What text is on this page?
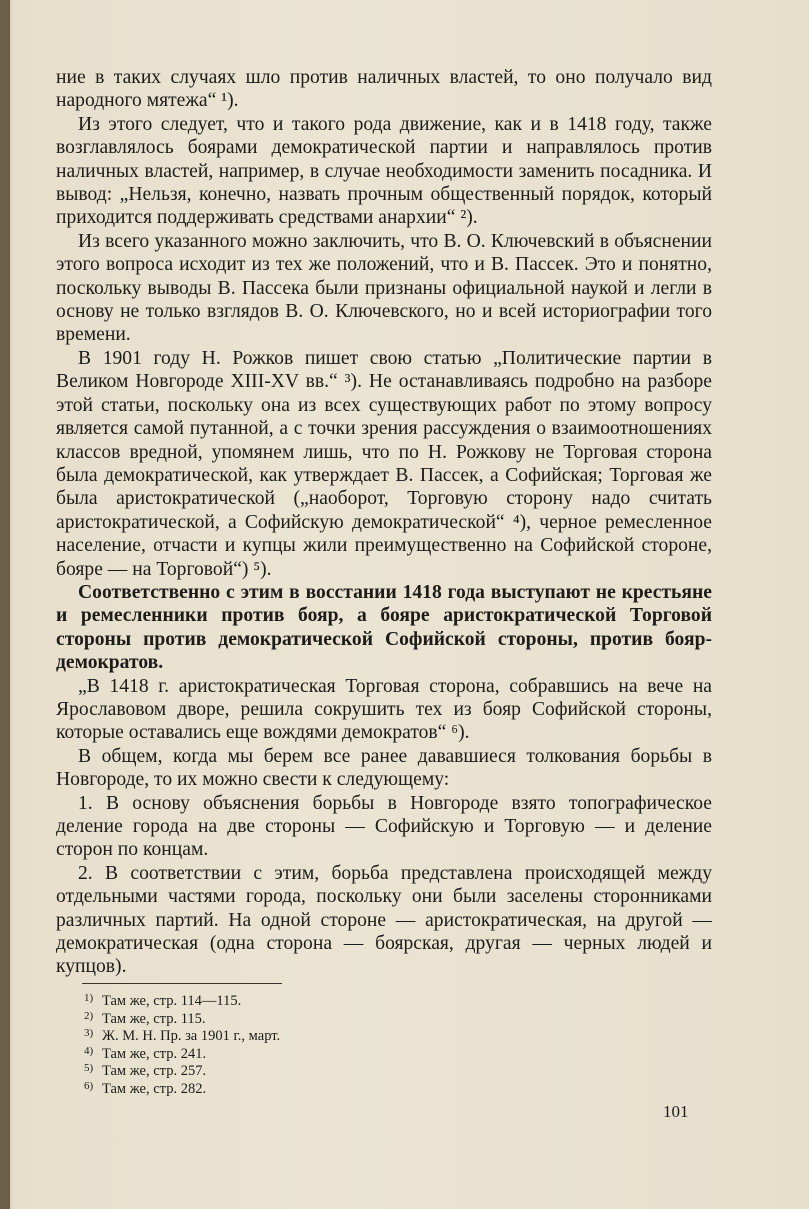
ние в таких случаях шло против наличных властей, то оно получало вид народного мятежа“ ¹).

Из этого следует, что и такого рода движение, как и в 1418 году, также возглавлялось боярами демократической партии и направлялось против наличных властей, например, в случае необходимости заменить посадника. И вывод: „Нельзя, конечно, назвать прочным общественный порядок, который приходится поддерживать средствами анархии“ ²).

Из всего указанного можно заключить, что В. О. Ключевский в объяснении этого вопроса исходит из тех же положений, что и В. Пассек. Это и понятно, поскольку выводы В. Пассека были признаны официальной наукой и легли в основу не только взглядов В. О. Ключевского, но и всей историографии того времени.

В 1901 году Н. Рожков пишет свою статью „Политические партии в Великом Новгороде XIII-XV вв.“ ³). Не останавливаясь подробно на разборе этой статьи, поскольку она из всех существующих работ по этому вопросу является самой путанной, а с точки зрения рассуждения о взаимоотношениях классов вредной, упомянем лишь, что по Н. Рожкову не Торговая сторона была демократической, как утверждает В. Пассек, а Софийская; Торговая же была аристократической („наоборот, Торговую сторону надо считать аристократической, а Софийскую демократической“ ⁴), черное ремесленное население, отчасти и купцы жили преимущественно на Софийской стороне, бояре — на Торговой“) ⁵).

Соответственно с этим в восстании 1418 года выступают не крестьяне и ремесленники против бояр, а бояре аристократической Торговой стороны против демократической Софийской стороны, против бояр-демократов.

„В 1418 г. аристократическая Торговая сторона, собравшись на вече на Ярославовом дворе, решила сокрушить тех из бояр Софийской стороны, которые оставались еще вождями демократов“ ⁶).

В общем, когда мы берем все ранее дававшиеся толкования борьбы в Новгороде, то их можно свести к следующему:

1. В основу объяснения борьбы в Новгороде взято топографическое деление города на две стороны — Софийскую и Торговую — и деление сторон по концам.

2. В соответствии с этим, борьба представлена происходящей между отдельными частями города, поскольку они были заселены сторонниками различных партий. На одной стороне — аристократическая, на другой — демократическая (одна сторона — боярская, другая — черных людей и купцов).

1) Там же, стр. 114—115.
2) Там же, стр. 115.
3) Ж. М. Н. Пр. за 1901 г., март.
4) Там же, стр. 241.
5) Там же, стр. 257.
6) Там же, стр. 282.
101
